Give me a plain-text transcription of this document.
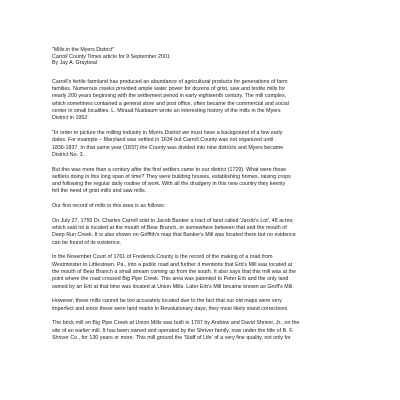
"Mills in the Myers District"

Carroll County Times article for 9 September 2001

By Jay A. Graybeal

Carroll's fertile farmland has produced an abundance of agricultural products for generations of farm
families. Numerous creeks provided ample water power for dozens of grist, saw and textile mills for
nearly 200 years beginning with the settlement period in early eighteenth century. The mill complex,
which sometimes contained a general store and post office, often became the commercial and social
center in small localities. L. Miraud Nusbaum wrote an interesting history of the mills in the Myers
District in 1952:
"In order to picture the milling industry in Myers District we must have a background of a few early
dates. For example – Maryland was settled in 1634 but Carroll County was not organized until
1836-1837. In that same year (1837) the County was divided into nine districts and Myers became
District No. 3.
But this was more than a century after the first settlers came to our district (1729). What were those
settlers doing in this long span of time? They were building houses, establishing homes, raising crops
and following the regular daily routine of work. With all the drudgery in this new country they keenly
felt the need of grist mills and saw mills.
Our first record of mills in this area is as follows:
On July 27, 1755 Dr. Charles Carroll sold to Jacob Banker a tract of land called 'Jacob's Lot', 48 acres;
which said lot is located at the mouth of Bear Branch, or somewhere between that and the mouth of
Deep Run Creek. It is also shown on Griffith's map that Banker's Mill was located there but no evidence
can be found of its existence.
In the November Court of 1761 of Frederick County is the record of the making of a road from
Westminster to Littlestown, Pa., into a public road and further it mentions that Erb's Mill was located at
the mouth of Bear Branch a small stream coming up from the south. It also says that this mill was at the
point where the road crossed Big Pipe Creek. This area was patented to Peter Erb and the only land
owned by an Erb at that time was located at Union Mills. Later Erb's Mill became known as Groff's Mill.
However, these mills cannot be too accurately located due to the fact that our old maps were very
imperfect and since these were land marks in Revolutionary days, they most likely stand corrections.
The brick mill on Big Pipe Creek at Union Mills was built in 1797 by Andrew and David Shriver, Jr., on the
site of an earlier mill. It has been owned and operated by the Shriver family, now under the title of B. F.
Shriver Co., for 130 years or more. This mill ground the 'Staff of Life' of a very fine quality, not only for
